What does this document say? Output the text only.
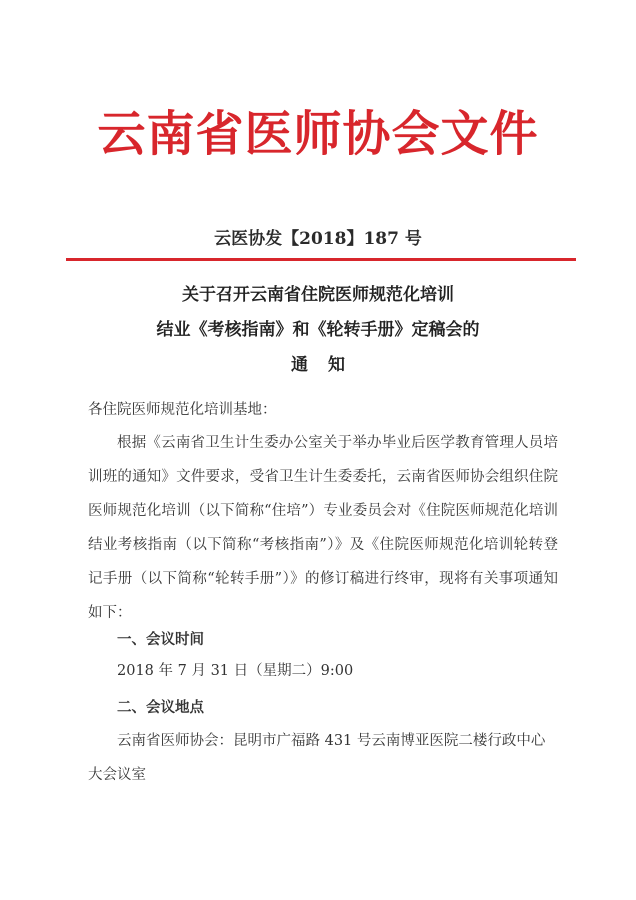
云南省医师协会文件
云医协发【2018】187 号
关于召开云南省住院医师规范化培训
结业《考核指南》和《轮转手册》定稿会的
通知
各住院医师规范化培训基地：
根据《云南省卫生计生委办公室关于举办毕业后医学教育管理人员培训班的通知》文件要求，受省卫生计生委委托，云南省医师协会组织住院医师规范化培训（以下简称“住培”）专业委员会对《住院医师规范化培训结业考核指南（以下简称“考核指南”）》及《住院医师规范化培训轮转登记手册（以下简称“轮转手册”）》的修订稿进行终审，现将有关事项通知如下：
一、会议时间
2018 年 7 月 31 日（星期二）9:00
二、会议地点
云南省医师协会：昆明市广福路 431 号云南博亚医院二楼行政中心大会议室
